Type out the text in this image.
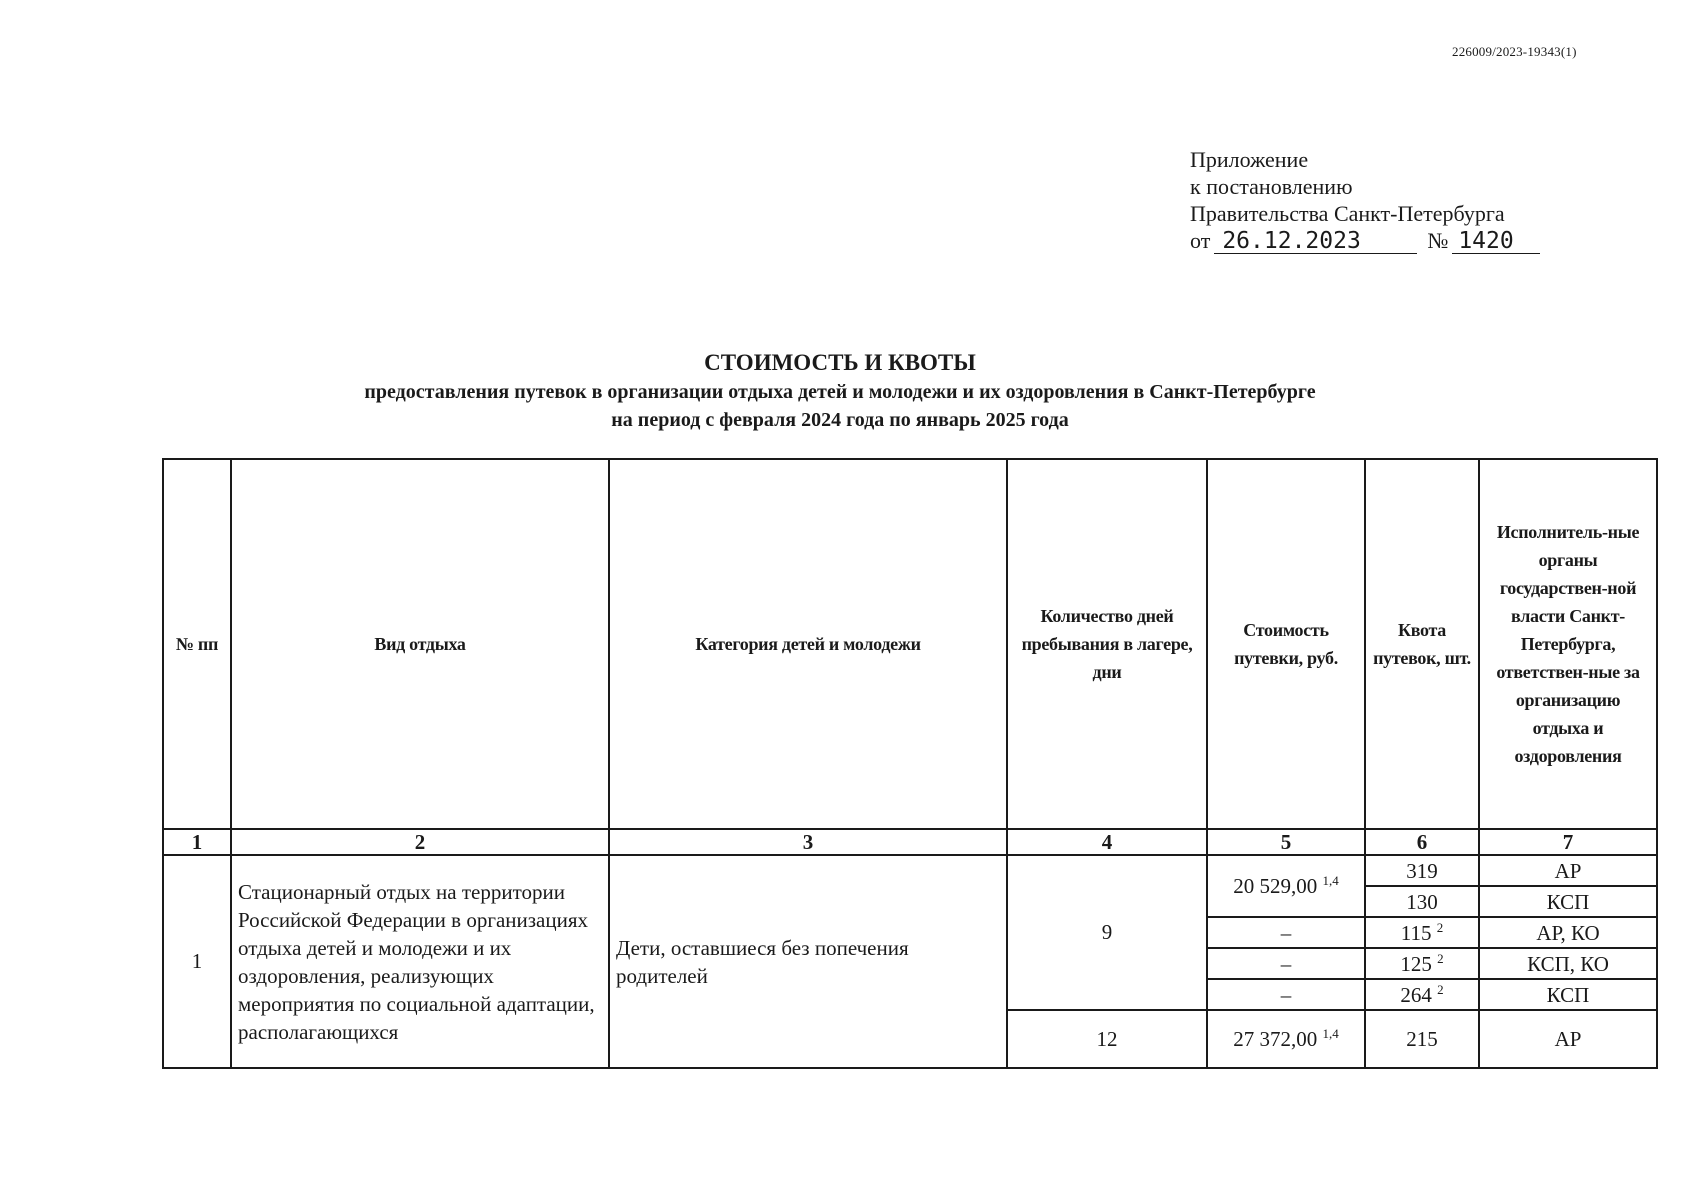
226009/2023-19343(1)
Приложение
к постановлению
Правительства Санкт-Петербурга
от 26.12.2023	№ 1420
СТОИМОСТЬ И КВОТЫ
предоставления путевок в организации отдыха детей и молодежи и их оздоровления в Санкт-Петербурге
на период с февраля 2024 года по январь 2025 года
№ пп	Вид отдыха	Категория детей и молодежи	Количество дней пребывания в лагере, дни	Стоимость путевки, руб.	Квота путевок, шт.	Исполнитель-ные органы государствен-ной власти Санкт-Петербурга, ответствен-ные за организацию отдыха и оздоровления
1	2	3	4	5	6	7
1	Стационарный отдых на территории Российской Федерации в организациях отдыха детей и молодежи и их оздоровления, реализующих мероприятия по социальной адаптации, располагающихся	Дети, оставшиеся без попечения родителей	9	20 529,00 $^{1,4}$	319	АР
					130	КСП
				–	115 $^2$	АР, КО
				–	125 $^2$	КСП, КО
				–	264 $^2$	КСП
			12	27 372,00 $^{1,4}$	215	АР
